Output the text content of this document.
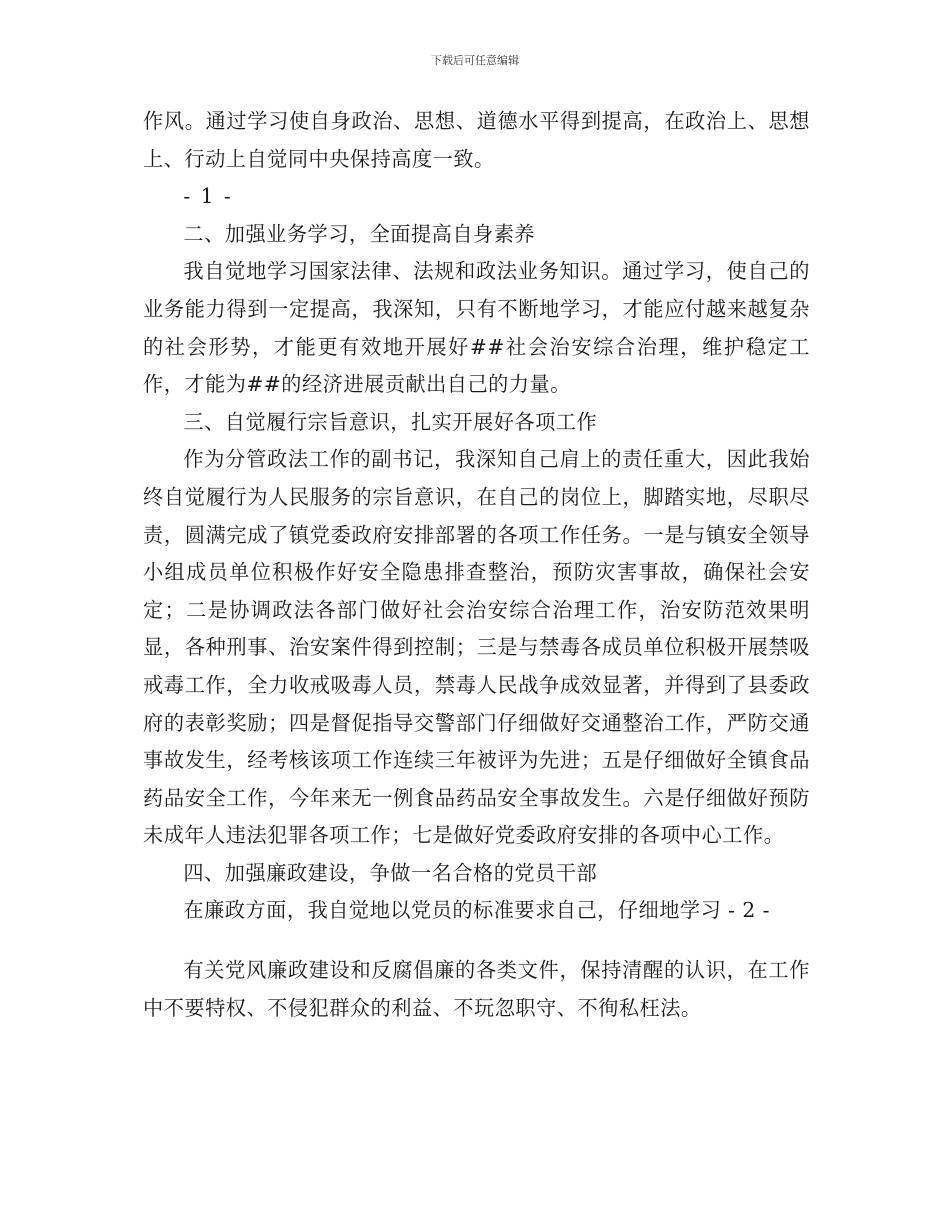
下载后可任意编辑

作风。通过学习使自身政治、思想、道德水平得到提高，在政治上、思想上、行动上自觉同中央保持高度一致。

- 1 -

二、加强业务学习，全面提高自身素养

我自觉地学习国家法律、法规和政法业务知识。通过学习，使自己的业务能力得到一定提高，我深知，只有不断地学习，才能应付越来越复杂的社会形势，才能更有效地开展好##社会治安综合治理，维护稳定工作，才能为##的经济进展贡献出自己的力量。

三、自觉履行宗旨意识，扎实开展好各项工作

作为分管政法工作的副书记，我深知自己肩上的责任重大，因此我始终自觉履行为人民服务的宗旨意识，在自己的岗位上，脚踏实地，尽职尽责，圆满完成了镇党委政府安排部署的各项工作任务。一是与镇安全领导小组成员单位积极作好安全隐患排查整治，预防灾害事故，确保社会安定；二是协调政法各部门做好社会治安综合治理工作，治安防范效果明显，各种刑事、治安案件得到控制；三是与禁毒各成员单位积极开展禁吸戒毒工作，全力收戒吸毒人员，禁毒人民战争成效显著，并得到了县委政府的表彰奖励；四是督促指导交警部门仔细做好交通整治工作，严防交通事故发生，经考核该项工作连续三年被评为先进；五是仔细做好全镇食品药品安全工作，今年来无一例食品药品安全事故发生。六是仔细做好预防未成年人违法犯罪各项工作；七是做好党委政府安排的各项中心工作。

四、加强廉政建设，争做一名合格的党员干部

在廉政方面，我自觉地以党员的标准要求自己，仔细地学习 - 2 -

有关党风廉政建设和反腐倡廉的各类文件，保持清醒的认识，在工作中不要特权、不侵犯群众的利益、不玩忽职守、不徇私枉法。
